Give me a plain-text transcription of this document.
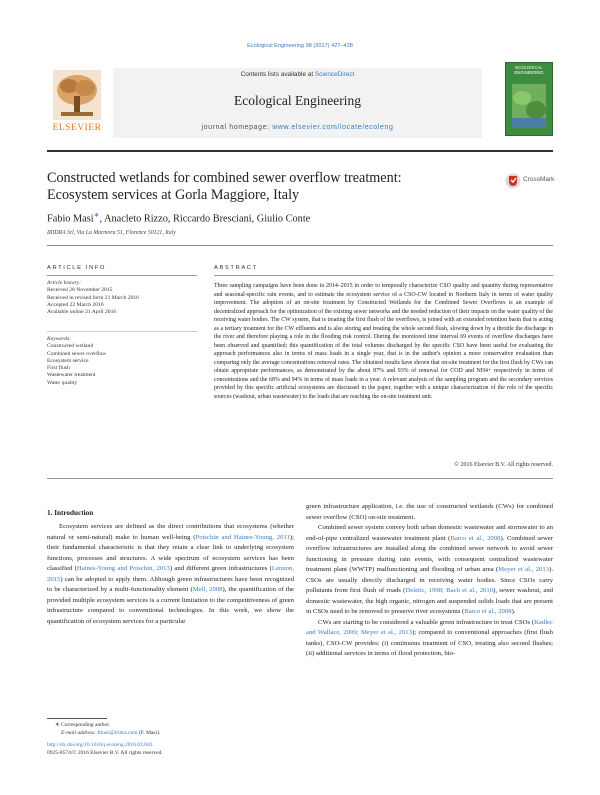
Ecological Engineering 98 (2017) 427–438
Contents lists available at ScienceDirect
Ecological Engineering
journal homepage: www.elsevier.com/locate/ecoleng
ELSEVIER
ECOLOGICAL ENGINEERING
Constructed wetlands for combined sewer overflow treatment:
Ecosystem services at Gorla Maggiore, Italy
CrossMark
Fabio Masi∗, Anacleto Rizzo, Riccardo Bresciani, Giulio Conte
IRIDRA Srl, Via La Marmora 51, Florence 50121, Italy
ARTICLE INFO
Article history:
Received 28 November 2015
Received in revised form 21 March 2016
Accepted 22 March 2016
Available online 21 April 2016
Keywords:
Constructed wetland
Combined sewer overflow
Ecosystem service
First flush
Wastewater treatment
Water quality
ABSTRACT
Three sampling campaigns have been done in 2014–2015 in order to temporally characterize CSO quality and quantity during representative and seasonal-specific rain events, and to estimate the ecosystem service of a CSO-CW located in Northern Italy in terms of water quality improvement. The adoption of an on-site treatment by Constructed Wetlands for the Combined Sewer Overflows is an example of decentralized approach for the optimization of the existing sewer networks and the needed reduction of their impacts on the water quality of the receiving water bodies. The CW system, that is treating the first flush of the overflows, is joined with an extended retention basin that is acting as a tertiary treatment for the CW effluents and is also storing and treating the whole second flush, slowing down by a throttle the discharge in the river and therefore playing a role in the flooding risk control. During the monitored time interval 69 events of overflow discharges have been observed and quantified; this quantification of the total volumes discharged by the specific CSO have been useful for evaluating the approach performances also in terms of mass loads in a single year, that is in the author's opinion a more conservative evaluation than comparing only the average concentrations removal rates. The obtained results have shown that on-site treatment for the first flush by CWs can obtain appropriate performances, as demonstrated by the about 87% and 93% of removal for COD and NH4+ respectively in terms of concentrations and the 68% and 94% in terms of mass loads in a year. A relevant analysis of the sampling program and the secondary services provided by this specific artificial ecosystems are discussed in the paper, together with a unique characterization of the role of the specific sources (washout, urban wastewater) to the loads that are reaching the on-site treatment unit.
© 2016 Elsevier B.V. All rights reserved.
1. Introduction
Ecosystem services are defined as the direct contributions that ecosystems (whether natural or semi-natural) make to human well-being (Potschin and Haines-Young, 2011); their fundamental characteristic is that they retain a clear link to underlying ecosystem functions, processes and structures. A wide spectrum of ecosystem services has been classified (Haines-Young and Potschin, 2013) and different green infrastructures (Lennon, 2015) can be adopted to apply them. Although green infrastructures have been recognized to be characterized by a multi-functionality element (Mell, 2008), the quantification of the provided multiple ecosystem services is a current limitation to the competitiveness of green infrastructure compared to conventional technologies. In this work, we show the quantification of ecosystem services for a particular
green infrastructure application, i.e. the use of constructed wetlands (CWs) for combined sewer overflow (CSO) on-site treatment.
Combined sewer system convey both urban domestic wastewater and stormwater to an end-of-pipe centralized wastewater treatment plant (Barco et al., 2008). Combined sewer overflow infrastructures are installed along the combined sewer network to avoid sewer functioning in pressure during rain events, with consequent centralized wastewater treatment plant (WWTP) malfunctioning and flooding of urban area (Meyer et al., 2013). CSOs are usually directly discharged in receiving water bodies. Since CSOs carry pollutants from first flush of roads (Deletic, 1998; Bach et al., 2010), sewer washout, and domestic wastewater, the high organic, nitrogen and suspended solids loads that are present in CSOs need to be removed to preserve river ecosystems (Barco et al., 2008).
CWs are starting to be considered a valuable green infrastructure to treat CSOs (Kadlec and Wallace, 2009; Meyer et al., 2013); compared to conventional approaches (first flush tanks), CSO-CW provides: (i) continuous treatment of CSO, treating also second flushes; (ii) additional services in terms of flood protection, bio-
∗ Corresponding author.
E-mail address: fmasi@iridra.com (F. Masi).
http://dx.doi.org/10.1016/j.ecoleng.2016.03.043
0925-8574/© 2016 Elsevier B.V. All rights reserved.
